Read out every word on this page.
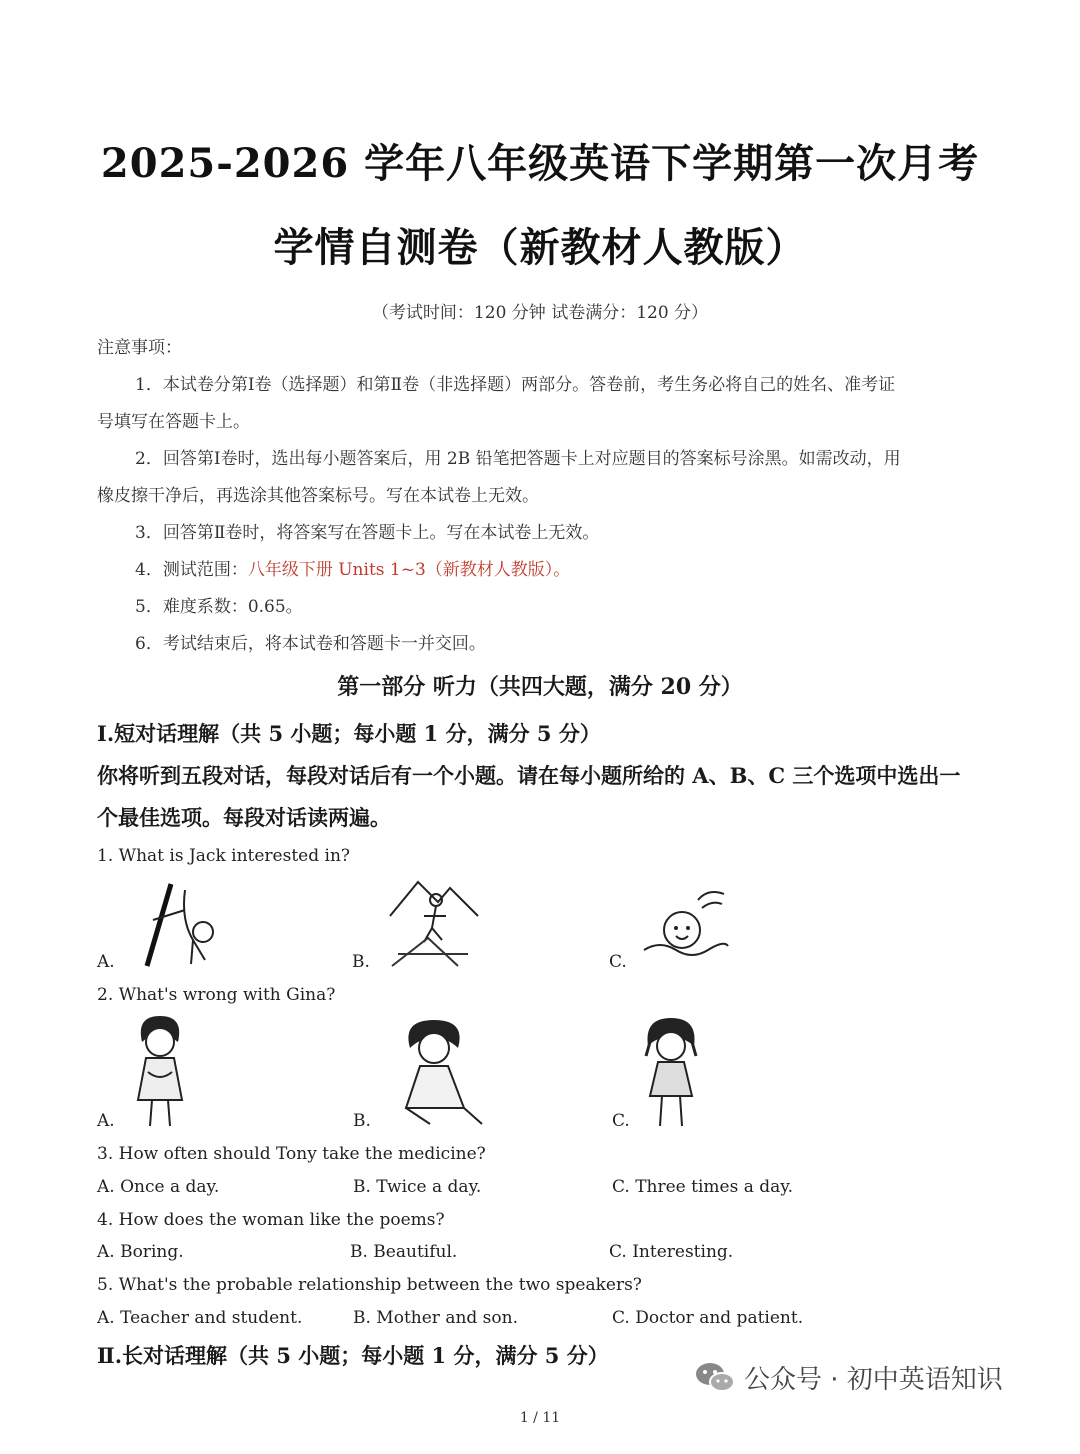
2025-2026 学年八年级英语下学期第一次月考
学情自测卷（新教材人教版）
（考试时间：120 分钟 试卷满分：120 分）
注意事项：
1．本试卷分第Ⅰ卷（选择题）和第Ⅱ卷（非选择题）两部分。答卷前，考生务必将自己的姓名、准考证
号填写在答题卡上。
2．回答第Ⅰ卷时，选出每小题答案后，用 2B 铅笔把答题卡上对应题目的答案标号涂黑。如需改动，用
橡皮擦干净后，再选涂其他答案标号。写在本试卷上无效。
3．回答第Ⅱ卷时，将答案写在答题卡上。写在本试卷上无效。
4．测试范围：八年级下册 Units 1~3（新教材人教版）。
5．难度系数：0.65。
6．考试结束后，将本试卷和答题卡一并交回。
第一部分 听力（共四大题，满分 20 分）
Ⅰ.短对话理解（共 5 小题；每小题 1 分，满分 5 分）
你将听到五段对话，每段对话后有一个小题。请在每小题所给的 A、B、C 三个选项中选出一
个最佳选项。每段对话读两遍。
1. What is Jack interested in?
A.	B.	C.
2. What's wrong with Gina?
A.	B.	C.
3. How often should Tony take the medicine?
A. Once a day.	B. Twice a day.	C. Three times a day.
4. How does the woman like the poems?
A. Boring.	B. Beautiful.	C. Interesting.
5. What's the probable relationship between the two speakers?
A. Teacher and student.	B. Mother and son.	C. Doctor and patient.
Ⅱ.长对话理解（共 5 小题；每小题 1 分，满分 5 分）
1 / 11
公众号 · 初中英语知识
